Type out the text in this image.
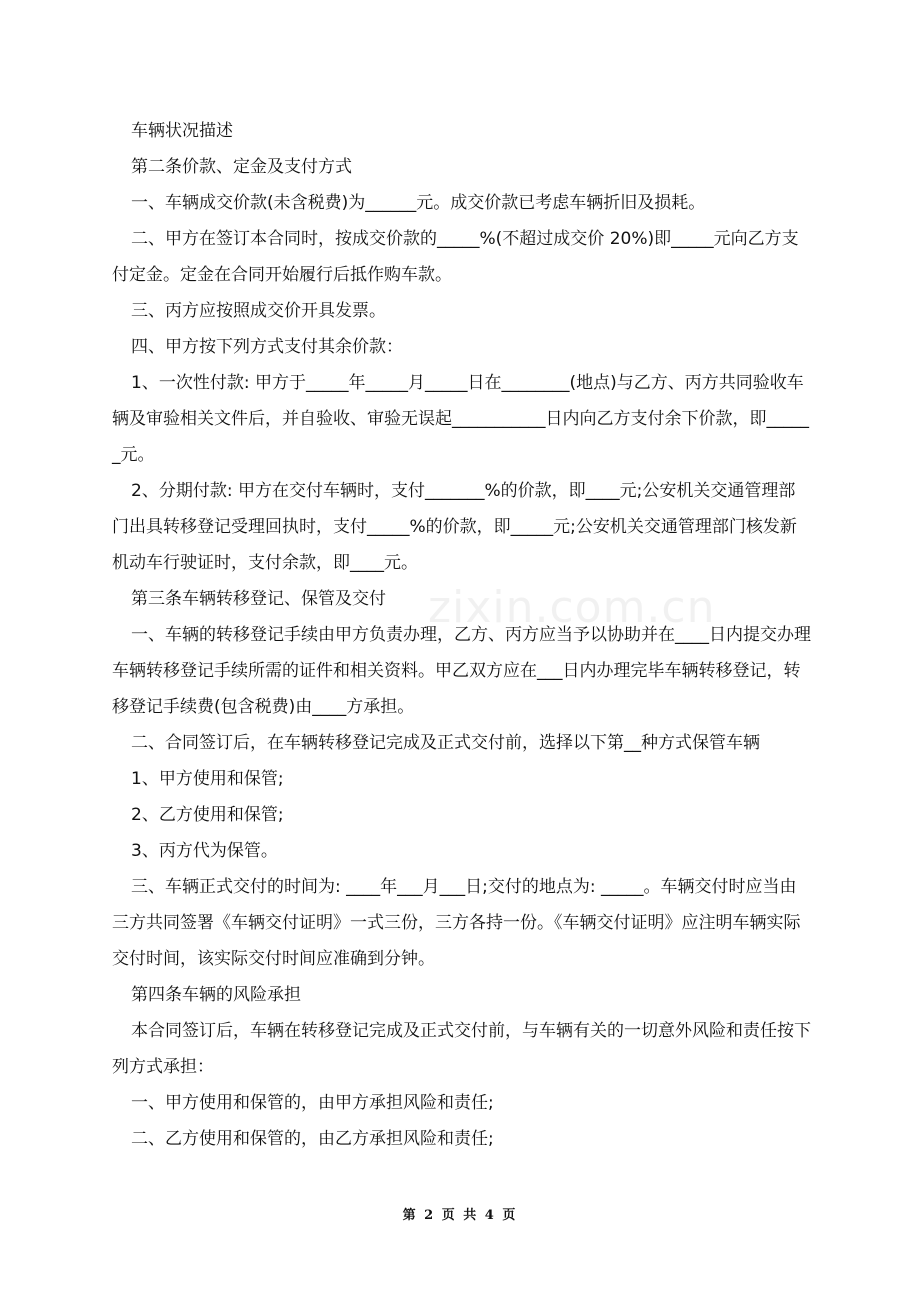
车辆状况描述

第二条价款、定金及支付方式

一、车辆成交价款(未含税费)为______元。成交价款已考虑车辆折旧及损耗。

二、甲方在签订本合同时，按成交价款的_____%(不超过成交价 20%)即_____元向乙方支付定金。定金在合同开始履行后抵作购车款。

三、丙方应按照成交价开具发票。

四、甲方按下列方式支付其余价款：

1、一次性付款: 甲方于_____年_____月_____日在________(地点)与乙方、丙方共同验收车辆及审验相关文件后，并自验收、审验无误起___________日内向乙方支付余下价款，即______元。

2、分期付款: 甲方在交付车辆时，支付_______%的价款，即____元;公安机关交通管理部门出具转移登记受理回执时，支付_____%的价款，即_____元;公安机关交通管理部门核发新机动车行驶证时，支付余款，即____元。

第三条车辆转移登记、保管及交付

一、车辆的转移登记手续由甲方负责办理，乙方、丙方应当予以协助并在____日内提交办理车辆转移登记手续所需的证件和相关资料。甲乙双方应在___日内办理完毕车辆转移登记，转移登记手续费(包含税费)由____方承担。

二、合同签订后，在车辆转移登记完成及正式交付前，选择以下第__种方式保管车辆

1、甲方使用和保管;

2、乙方使用和保管;

3、丙方代为保管。

三、车辆正式交付的时间为: ____年___月___日;交付的地点为: _____。车辆交付时应当由三方共同签署《车辆交付证明》一式三份，三方各持一份。《车辆交付证明》应注明车辆实际交付时间，该实际交付时间应准确到分钟。

第四条车辆的风险承担

本合同签订后，车辆在转移登记完成及正式交付前，与车辆有关的一切意外风险和责任按下列方式承担：

一、甲方使用和保管的，由甲方承担风险和责任;

二、乙方使用和保管的，由乙方承担风险和责任;

zixin.com.cn
第 2 页 共 4 页
